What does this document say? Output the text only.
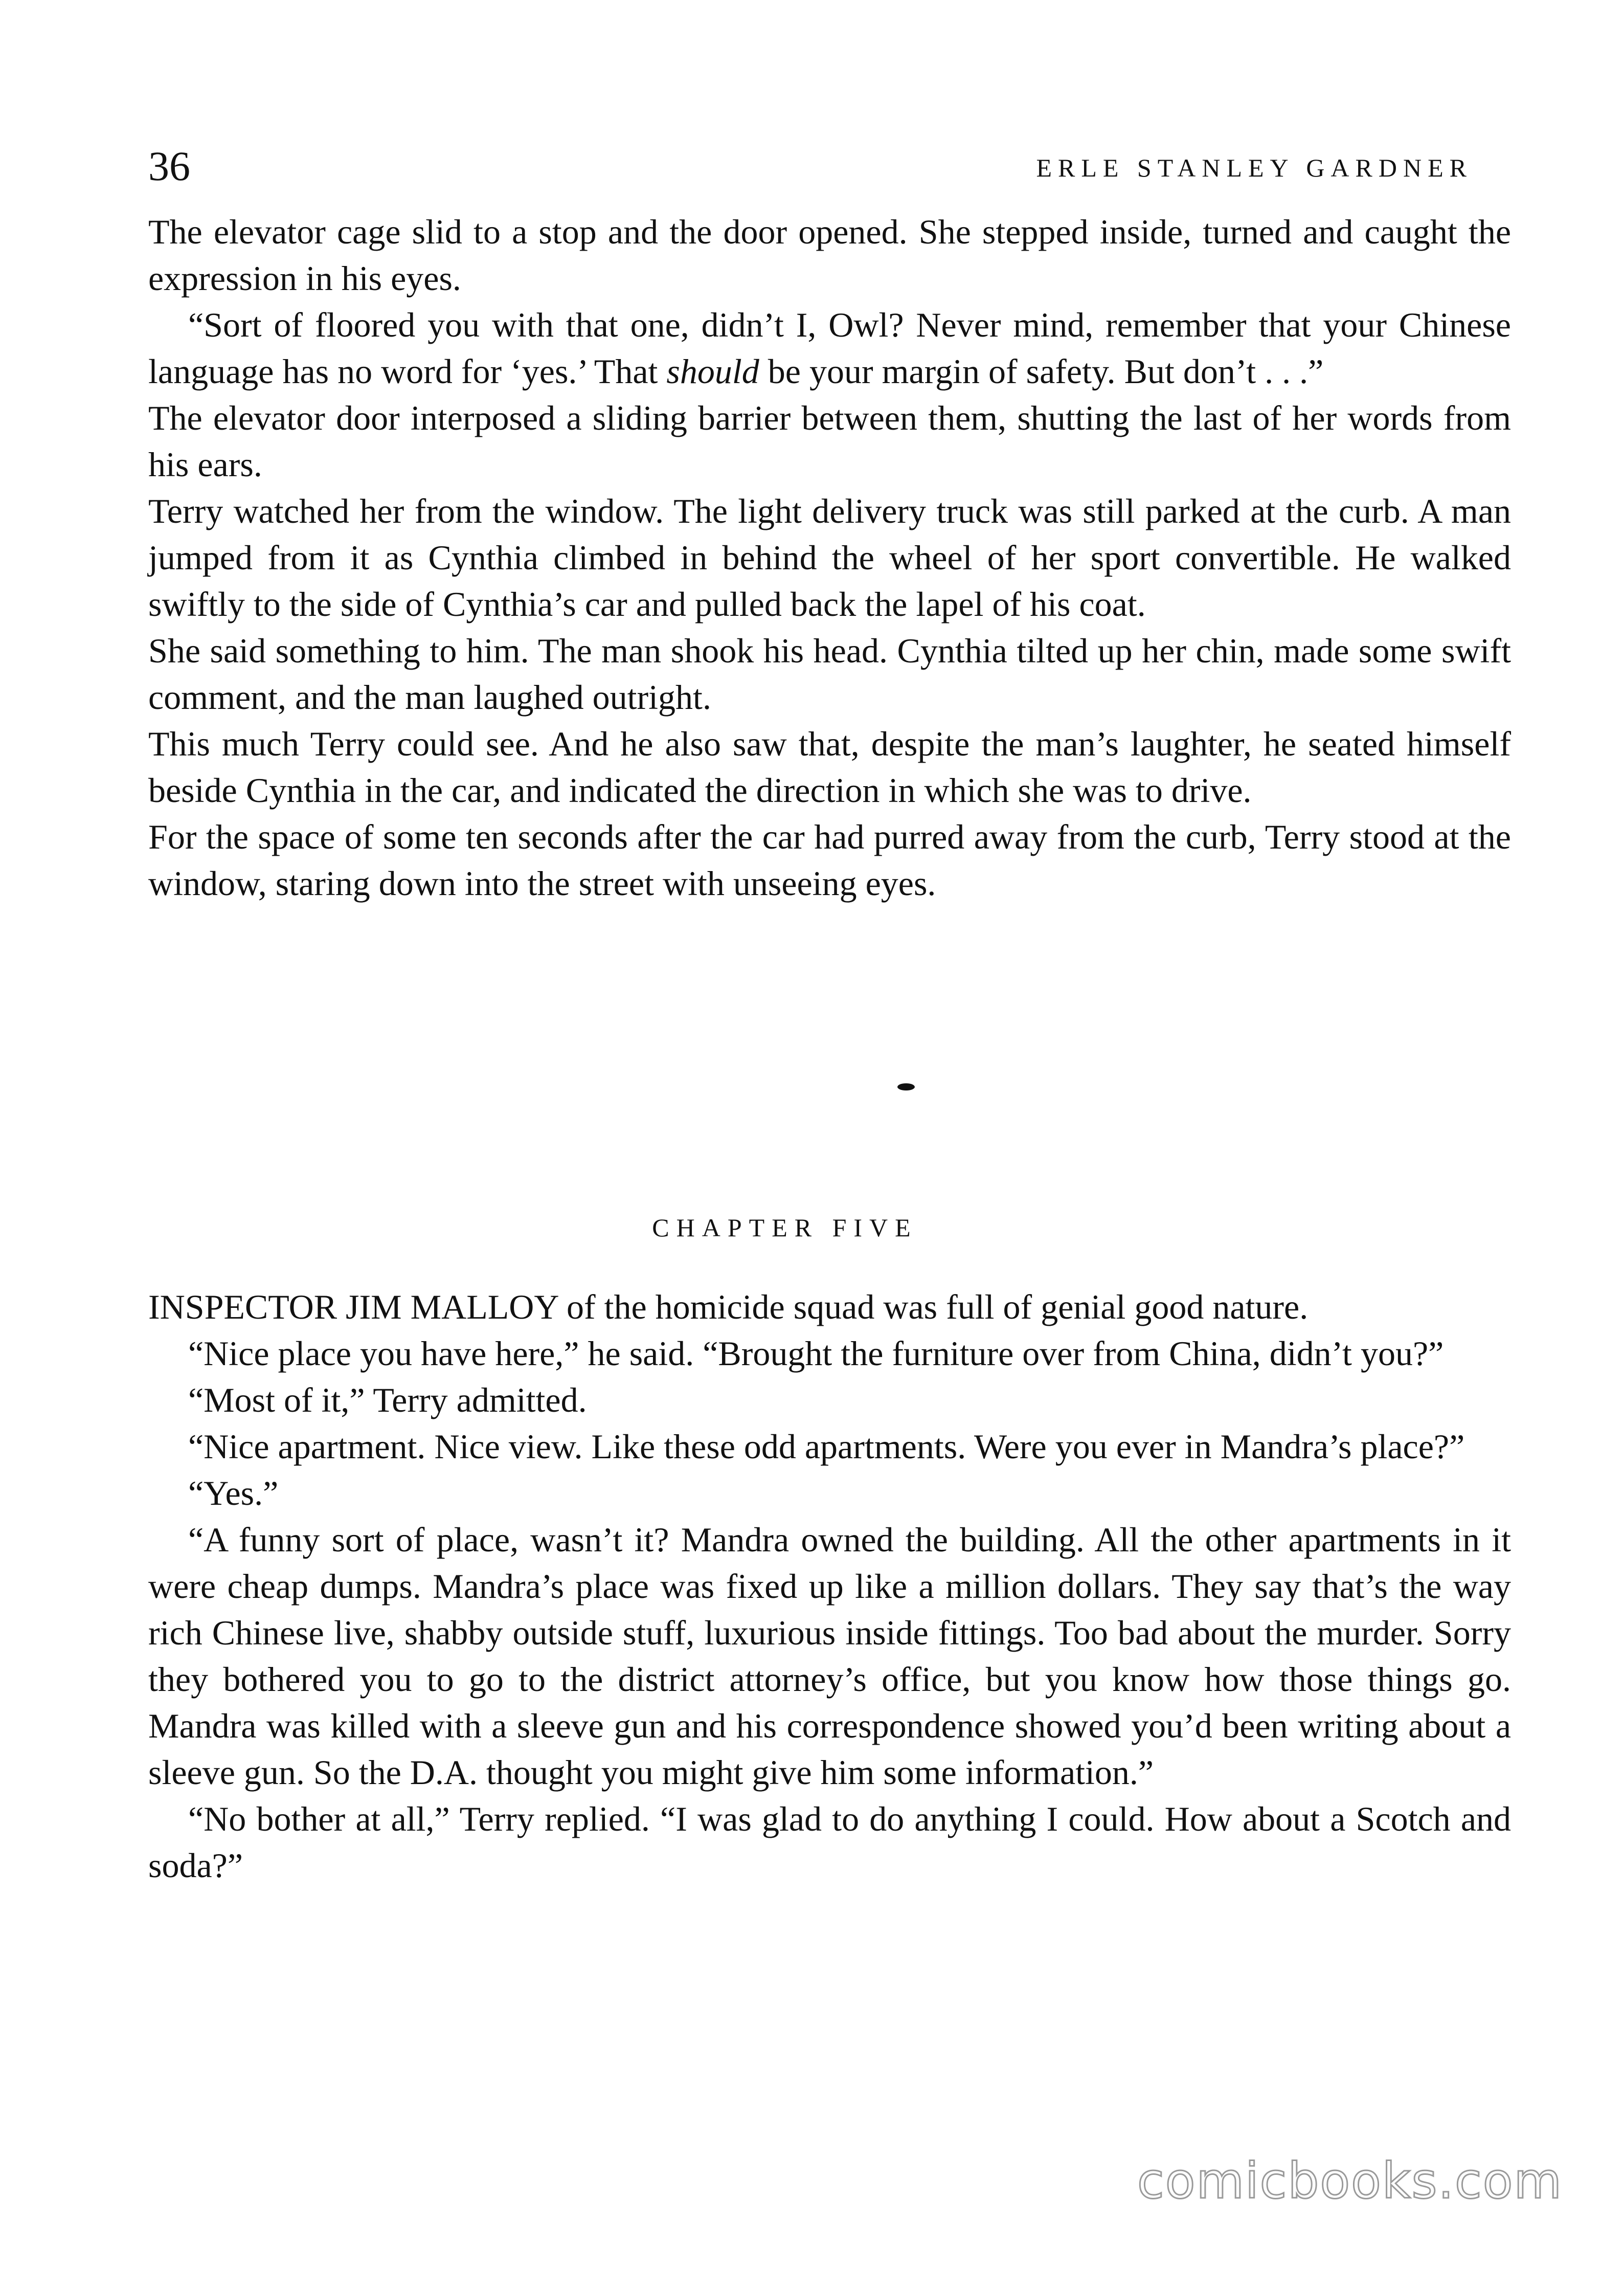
36	ERLE STANLEY GARDNER

The elevator cage slid to a stop and the door opened. She stepped inside, turned and caught the expression in his eyes.

“Sort of floored you with that one, didn’t I, Owl? Never mind, remember that your Chinese language has no word for ‘yes.’ That should be your margin of safety. But don’t . . .”

The elevator door interposed a sliding barrier between them, shutting the last of her words from his ears.

Terry watched her from the window. The light delivery truck was still parked at the curb. A man jumped from it as Cynthia climbed in behind the wheel of her sport convertible. He walked swiftly to the side of Cynthia’s car and pulled back the lapel of his coat.

She said something to him. The man shook his head. Cynthia tilted up her chin, made some swift comment, and the man laughed outright.

This much Terry could see. And he also saw that, despite the man’s laughter, he seated himself beside Cynthia in the car, and indicated the direction in which she was to drive.

For the space of some ten seconds after the car had purred away from the curb, Terry stood at the window, staring down into the street with unseeing eyes.

CHAPTER FIVE

INSPECTOR JIM MALLOY of the homicide squad was full of genial good nature.

“Nice place you have here,” he said. “Brought the furniture over from China, didn’t you?”

“Most of it,” Terry admitted.

“Nice apartment. Nice view. Like these odd apartments. Were you ever in Mandra’s place?”

“Yes.”

“A funny sort of place, wasn’t it? Mandra owned the building. All the other apartments in it were cheap dumps. Mandra’s place was fixed up like a million dollars. They say that’s the way rich Chinese live, shabby outside stuff, luxurious inside fittings. Too bad about the murder. Sorry they bothered you to go to the district attorney’s office, but you know how those things go. Mandra was killed with a sleeve gun and his correspondence showed you’d been writing about a sleeve gun. So the D.A. thought you might give him some information.”

“No bother at all,” Terry replied. “I was glad to do anything I could. How about a Scotch and soda?”

comicbooks.com
